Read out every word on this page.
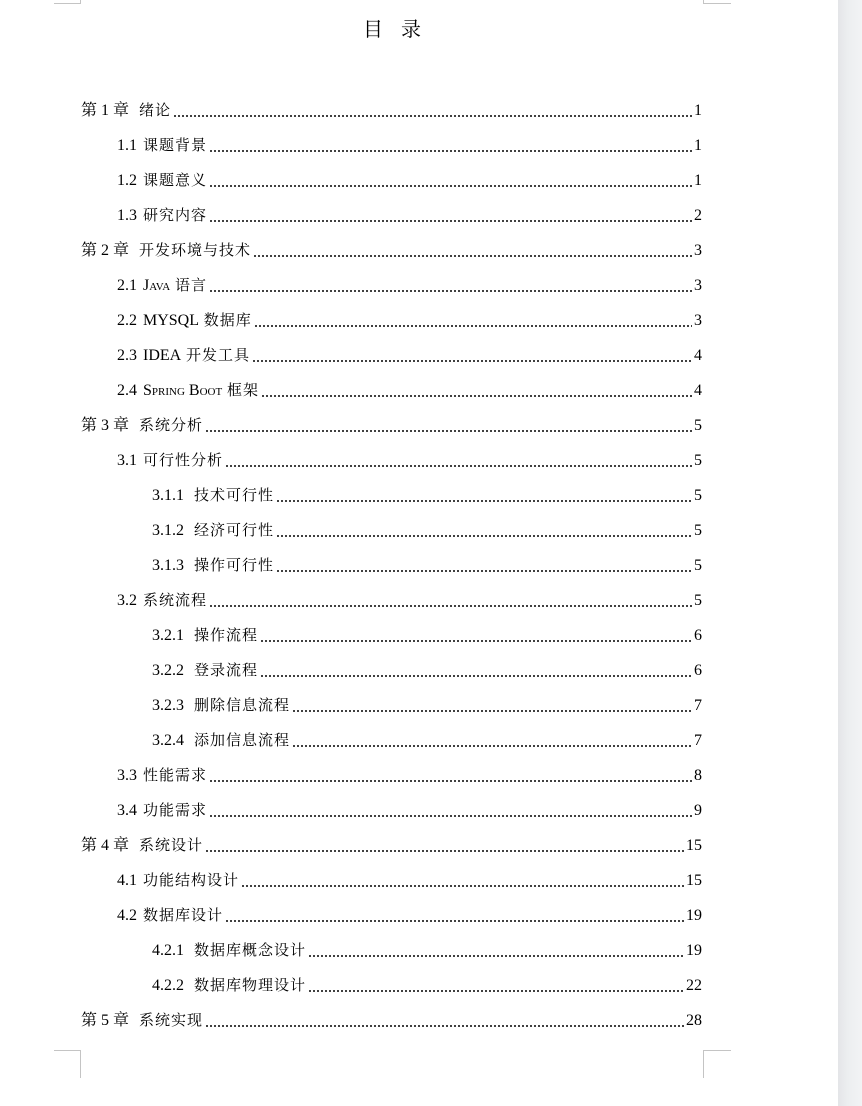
目 录
第 1 章 绪论	1
1.1 课题背景	1
1.2 课题意义	1
1.3 研究内容	2
第 2 章 开发环境与技术	3
2.1 Java 语言	3
2.2 MYSQL 数据库	3
2.3 IDEA 开发工具	4
2.4 Spring Boot 框架	4
第 3 章 系统分析	5
3.1 可行性分析	5
3.1.1 技术可行性	5
3.1.2 经济可行性	5
3.1.3 操作可行性	5
3.2 系统流程	5
3.2.1 操作流程	6
3.2.2 登录流程	6
3.2.3 删除信息流程	7
3.2.4 添加信息流程	7
3.3 性能需求	8
3.4 功能需求	9
第 4 章 系统设计	15
4.1 功能结构设计	15
4.2 数据库设计	19
4.2.1 数据库概念设计	19
4.2.2 数据库物理设计	22
第 5 章 系统实现	28
